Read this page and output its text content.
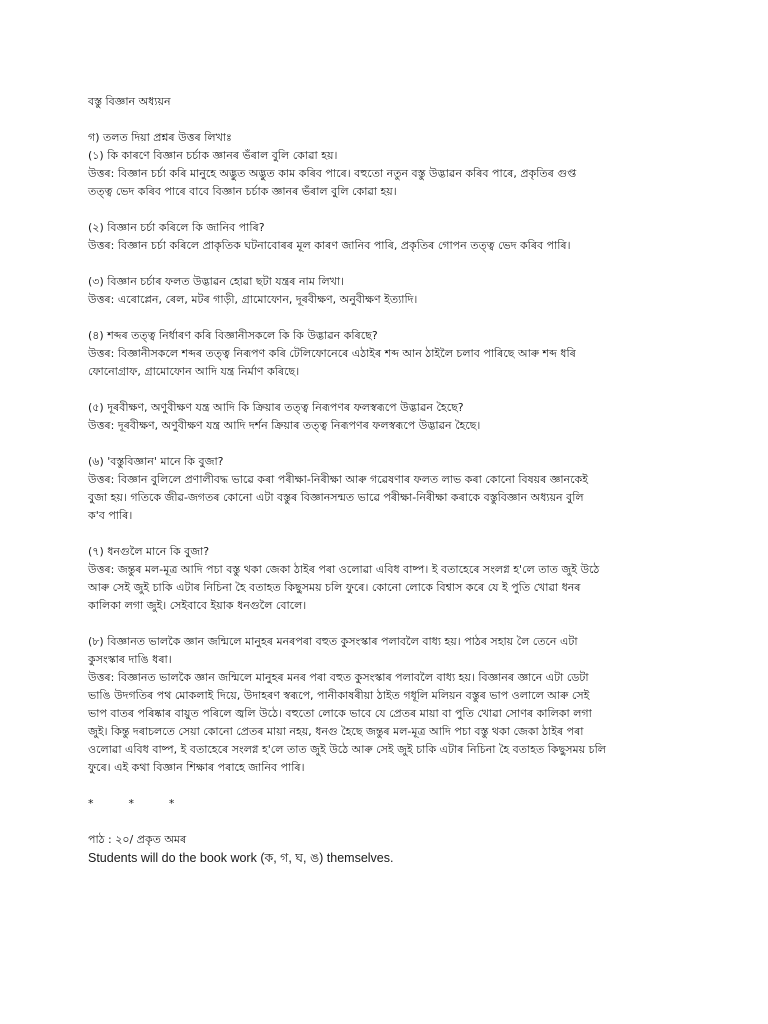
বস্তু বিজ্ঞান অধ্যয়ন
গ) তলত দিয়া প্ৰশ্নৰ উত্তৰ লিখাঃ
(১) কি কাৰণে বিজ্ঞান চৰ্চাক জ্ঞানৰ ভঁৰাল বুলি কোৱা হয়।
উত্তৰ: বিজ্ঞান চৰ্চা কৰি মানুহে অদ্ভুত অদ্ভুত কাম কৰিব পাৰে। বহুতো নতুন বস্তু উদ্ভাৱন কৰিব পাৰে, প্ৰকৃতিৰ গুপ্ত
তত্ত্ব ভেদ কৰিব পাৰে বাবে বিজ্ঞান চৰ্চাক জ্ঞানৰ ভঁৰাল বুলি কোৱা হয়।
(২) বিজ্ঞান চৰ্চা কৰিলে কি জানিব পাৰি?
উত্তৰ: বিজ্ঞান চৰ্চা কৰিলে প্ৰাকৃতিক ঘটনাবোৰৰ মূল কাৰণ জানিব পাৰি, প্ৰকৃতিৰ গোপন তত্ত্ব ভেদ কৰিব পাৰি।
(৩) বিজ্ঞান চৰ্চাৰ ফলত উদ্ভাৱন হোৱা ছটা যন্ত্ৰৰ নাম লিখা।
উত্তৰ: এৰোপ্লেন, ৰেল, মটৰ গাড়ী, গ্ৰামোফোন, দূৰবীক্ষণ, অনুবীক্ষণ ইত্যাদি।
(৪) শব্দৰ তত্ত্ব নিৰ্ধাৰণ কৰি বিজ্ঞানীসকলে কি কি উদ্ভাৱন কৰিছে?
উত্তৰ: বিজ্ঞানীসকলে শব্দৰ তত্ত্ব নিৰূপণ কৰি টেলিফোনেৰে এঠাইৰ শব্দ আন ঠাইলৈ চলাব পাৰিছে আৰু শব্দ ধৰি
ফোনোগ্ৰাফ, গ্ৰামোফোন আদি যন্ত্ৰ নিৰ্মাণ কৰিছে।
(৫) দূৰবীক্ষণ, অণুবীক্ষণ যন্ত্ৰ আদি কি ক্ৰিয়াৰ তত্ত্ব নিৰূপণৰ ফলস্বৰূপে উদ্ভাৱন হৈছে?
উত্তৰ: দূৰবীক্ষণ, অণুবীক্ষণ যন্ত্ৰ আদি দৰ্শন ক্ৰিয়াৰ তত্ত্ব নিৰূপণৰ ফলস্বৰূপে উদ্ভাৱন হৈছে।
(৬) 'বস্তুবিজ্ঞান' মানে কি বুজা?
উত্তৰ: বিজ্ঞান বুলিলে প্ৰণালীবদ্ধ ভাৱে কৰা পৰীক্ষা-নিৰীক্ষা আৰু গৱেষণাৰ ফলত লাভ কৰা কোনো বিষয়ৰ জ্ঞানকেই
বুজা হয়। গতিকে জীৱ-জগতৰ কোনো এটা বস্তুৰ বিজ্ঞানসন্মত ভাৱে পৰীক্ষা-নিৰীক্ষা কৰাকে বস্তুবিজ্ঞান অধ্যয়ন বুলি
ক'ব পাৰি।
(৭) ধনগুলৈ মানে কি বুজা?
উত্তৰ: জন্তুৰ মল-মূত্ৰ আদি পচা বস্তু থকা জেকা ঠাইৰ পৰা ওলোৱা এবিধ বাষ্প। ই বতাহেৰে সংলগ্ন হ'লে তাত জুই উঠে
আৰু সেই জুই চাকি এটাৰ নিচিনা হৈ বতাহত কিছুসময় চলি ফুৰে। কোনো লোকে বিশ্বাস কৰে যে ই পুতি খোৱা ধনৰ
কালিকা লগা জুই। সেইবাবে ইয়াক ধনগুলৈ বোলে।
(৮) বিজ্ঞানত ভালকৈ জ্ঞান জন্মিলে মানুহৰ মনৰপৰা বহুত কুসংস্কাৰ পলাবলৈ বাধ্য হয়। পাঠৰ সহায় লৈ তেনে এটা
কুসংস্কাৰ দাঙি ধৰা।
উত্তৰ: বিজ্ঞানত ভালকৈ জ্ঞান জন্মিলে মানুহৰ মনৰ পৰা বহুত কুসংস্কাৰ পলাবলৈ বাধ্য হয়। বিজ্ঞানৰ জ্ঞানে এটা ডেটা
ভাঙি উদগতিৰ পথ মোকলাই দিয়ে, উদাহৰণ স্বৰূপে, পানীকাষৰীয়া ঠাইত গধূলি মলিয়ন বস্তুৰ ভাপ ওলালে আৰু সেই
ভাপ বাতৰ পৰিষ্কাৰ বায়ুত পৰিলে জ্বলি উঠে। বহুতো লোকে ভাবে যে প্ৰেতৰ মায়া বা পুতি খোৱা সোণৰ কালিকা লগা
জুই। কিন্তু দৰাচলতে সেয়া কোনো প্ৰেতৰ মায়া নহয়, ধনগু হৈছে জন্তুৰ মল-মূত্ৰ আদি পচা বস্তু থকা জেকা ঠাইৰ পৰা
ওলোৱা এবিধ বাষ্প, ই বতাহেৰে সংলগ্ন হ'লে তাত জুই উঠে আৰু সেই জুই চাকি এটাৰ নিচিনা হৈ বতাহত কিছুসময় চলি
ফুৰে। এই কথা বিজ্ঞান শিক্ষাৰ পৰাহে জানিব পাৰি।
*          *          *
পাঠ : ২০/ প্ৰকৃত অমৰ
Students will do the book work (ক, গ, ঘ, ঙ) themselves.
